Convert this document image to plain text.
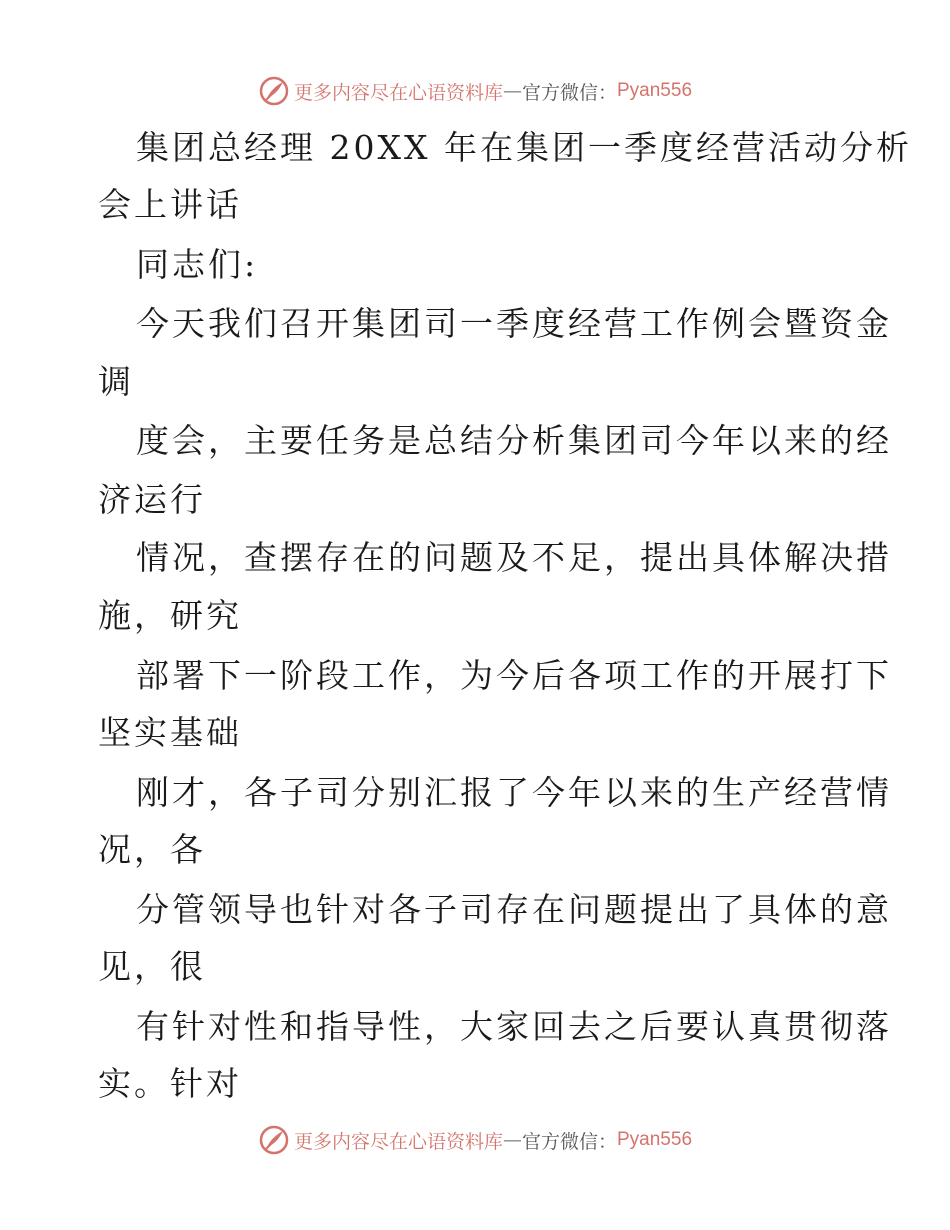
更多内容尽在心语资料库 — 官方微信： Pyan556
集团总经理 20XX 年在集团一季度经营活动分析
会上讲话
同志们:
今天我们召开集团司一季度经营工作例会暨资金
调
度会，主要任务是总结分析集团司今年以来的经
济运行
情况，查摆存在的问题及不足，提出具体解决措
施，研究
部署下一阶段工作，为今后各项工作的开展打下
坚实基础
刚才，各子司分别汇报了今年以来的生产经营情
况，各
分管领导也针对各子司存在问题提出了具体的意
见，很
有针对性和指导性，大家回去之后要认真贯彻落
实。针对
更多内容尽在心语资料库 — 官方微信： Pyan556
